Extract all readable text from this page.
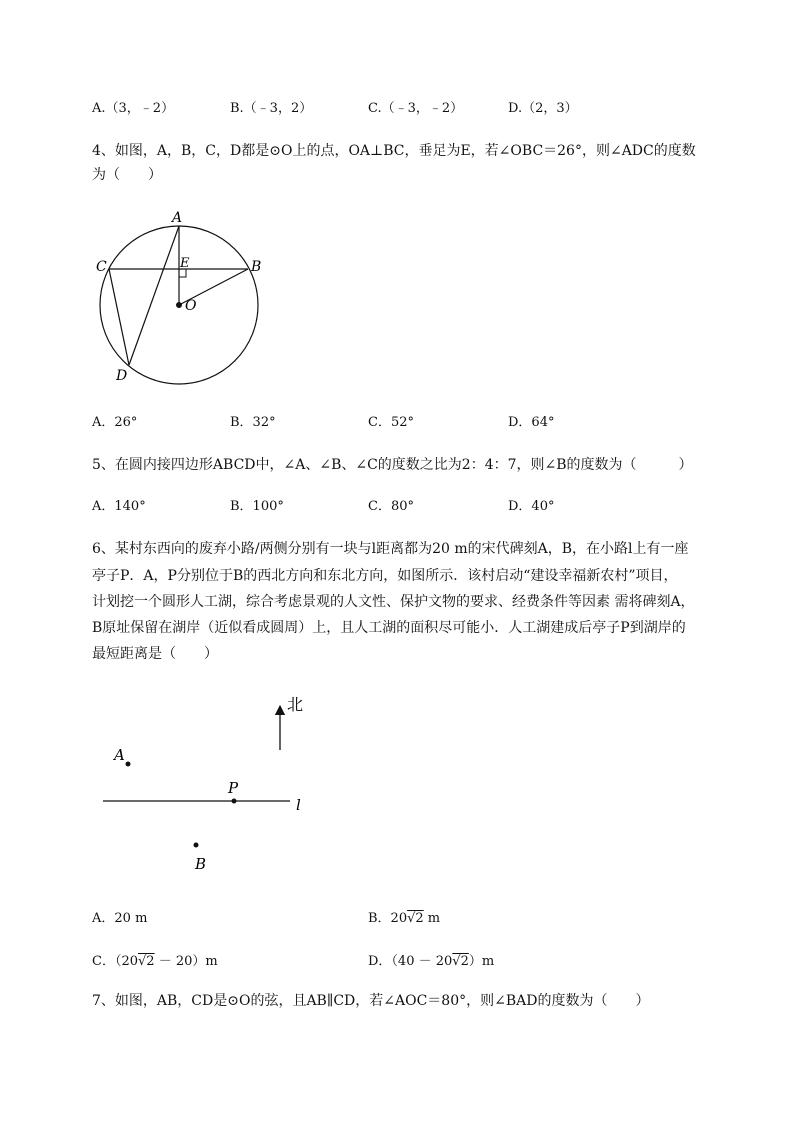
A.（3，﹣2）	B.（﹣3，2）	C.（﹣3，﹣2）	D.（2，3）
4、如图，A，B，C，D都是⊙O上的点，OA⊥BC，垂足为E，若∠OBC＝26°，则∠ADC的度数
为（　　）
A
C	B
E
O
D
A．26°	B．32°	C．52°	D．64°
5、在圆内接四边形ABCD中，∠A、∠B、∠C的度数之比为2：4：7，则∠B的度数为（　　　）
A．140°	B．100°	C．80°	D．40°
6、某村东西向的废弃小路/两侧分别有一块与l距离都为20 m的宋代碑刻A，B，在小路l上有一座
亭子P．A，P分别位于B的西北方向和东北方向，如图所示．该村启动“建设幸福新农村”项目，
计划挖一个圆形人工湖，综合考虑景观的人文性、保护文物的要求、经费条件等因素 需将碑刻A，
B原址保留在湖岸（近似看成圆周）上，且人工湖的面积尽可能小．人工湖建成后亭子P到湖岸的
最短距离是（　　）
北
A
P
l
B
A．20 m	B．20√2 m
C．（20√2 － 20）m	D．（40 － 20√2）m
7、如图，AB，CD是⊙O的弦，且AB∥CD，若∠AOC＝80°，则∠BAD的度数为（　　）
